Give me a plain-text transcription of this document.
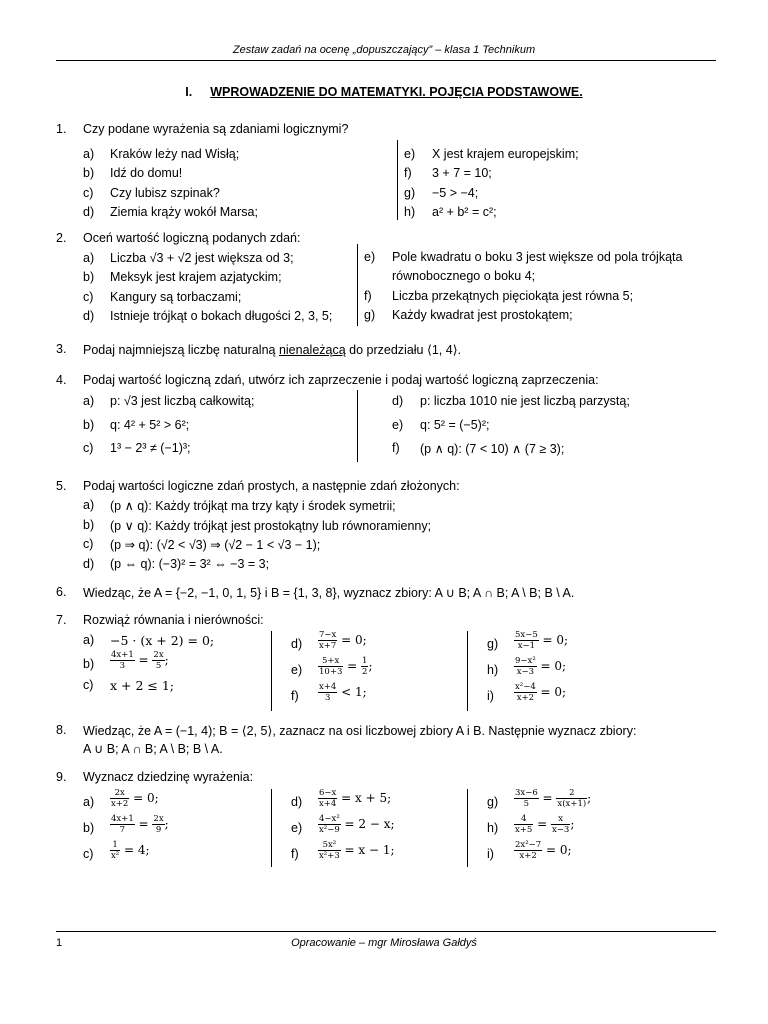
Zestaw zadań na ocenę „dopuszczający” – klasa 1 Technikum
I. WPROWADZENIE DO MATEMATYKI. POJĘCIA PODSTAWOWE.
1. Czy podane wyrażenia są zdaniami logicznymi?
a) Kraków leży nad Wisłą;
b) Idź do domu!
c) Czy lubisz szpinak?
d) Ziemia krąży wokół Marsa;
e) X jest krajem europejskim;
f) 3 + 7 = 10;
g) −5 > −4;
h) a² + b² = c²;
2. Oceń wartość logiczną podanych zdań:
a) Liczba √3 + √2 jest większa od 3;
b) Meksyk jest krajem azjatyckim;
c) Kangury są torbaczami;
d) Istnieje trójkąt o bokach długości 2, 3, 5;
e) Pole kwadratu o boku 3 jest większe od pola trójkąta
równobocznego o boku 4;
f) Liczba przekątnych pięciokąta jest równa 5;
g) Każdy kwadrat jest prostokątem;
3. Podaj najmniejszą liczbę naturalną nienależącą do przedziału ⟨1, 4⟩.
4. Podaj wartość logiczną zdań, utwórz ich zaprzeczenie i podaj wartość logiczną zaprzeczenia:
a) p: √3 jest liczbą całkowitą;
b) q: 4² + 5² > 6²;
c) 1³ − 2³ ≠ (−1)³;
d) p: liczba 1010 nie jest liczbą parzystą;
e) q: 5² = (−5)²;
f) (p ∧ q): (7 < 10) ∧ (7 ≥ 3);
5. Podaj wartości logiczne zdań prostych, a następnie zdań złożonych:
a) (p ∧ q): Każdy trójkąt ma trzy kąty i środek symetrii;
b) (p ∨ q): Każdy trójkąt jest prostokątny lub równoramienny;
c) (p ⇒ q): (√2 < √3) ⇒ (√2 − 1 < √3 − 1);
d) (p ⇔ q): (−3)² = 3² ⇔ −3 = 3;
6. Wiedząc, że A = {−2, −1, 0, 1, 5} i B = {1, 3, 8}, wyznacz zbiory: A ∪ B; A ∩ B; A \ B; B \ A.
7. Rozwiąż równania i nierówności:
a) −5 · (x + 2) = 0;
$b) \frac{4x+1}{3} = \frac{2x}{5}$ ;
c) x + 2 ≤ 1;
$d) \frac{7-x}{x+7} = 0$;
$e) \frac{5+x}{10+3} = \frac{1}{2}$ ;
$f) \frac{x+4}{3} < 1$;
$g) \frac{5x-5}{x-1} = 0$;
$h) \frac{\text{9−x²}}{x-3} = 0$;
$i) \frac{\text{x²−4}}{x+2} = 0$;
8. Wiedząc, że A = (−1, 4); B = ⟨2, 5⟩, zaznacz na osi liczbowej zbiory A i B. Następnie wyznacz zbiory:
A ∪ B; A ∩ B; A \ B; B \ A.
9. Wyznacz dziedzinę wyrażenia:
$a) \frac{2x}{x+2} = 0$;
$b) \frac{4x+1}{7} = \frac{2x}{9}$ ;
$c) \frac{1}{\text{x²}} = 4$;
$d) \frac{6-x}{x+4} = x + 5$;
$e) \frac{\text{4−x²}}{\text{x²−9}} = 2 - x$;
$f) \frac{\text{5x²}}{\text{x²+3}} = x - 1$;
$g) \frac{3x-6}{5} = \frac{2}{x(x+1)}$ ;
$h) \frac{4}{x+5} = \frac{x}{x-3}$ ;
$i) \frac{\text{2x²−7}}{x+2} = 0$;
1	Opracowanie – mgr Mirosława Gałdyś
